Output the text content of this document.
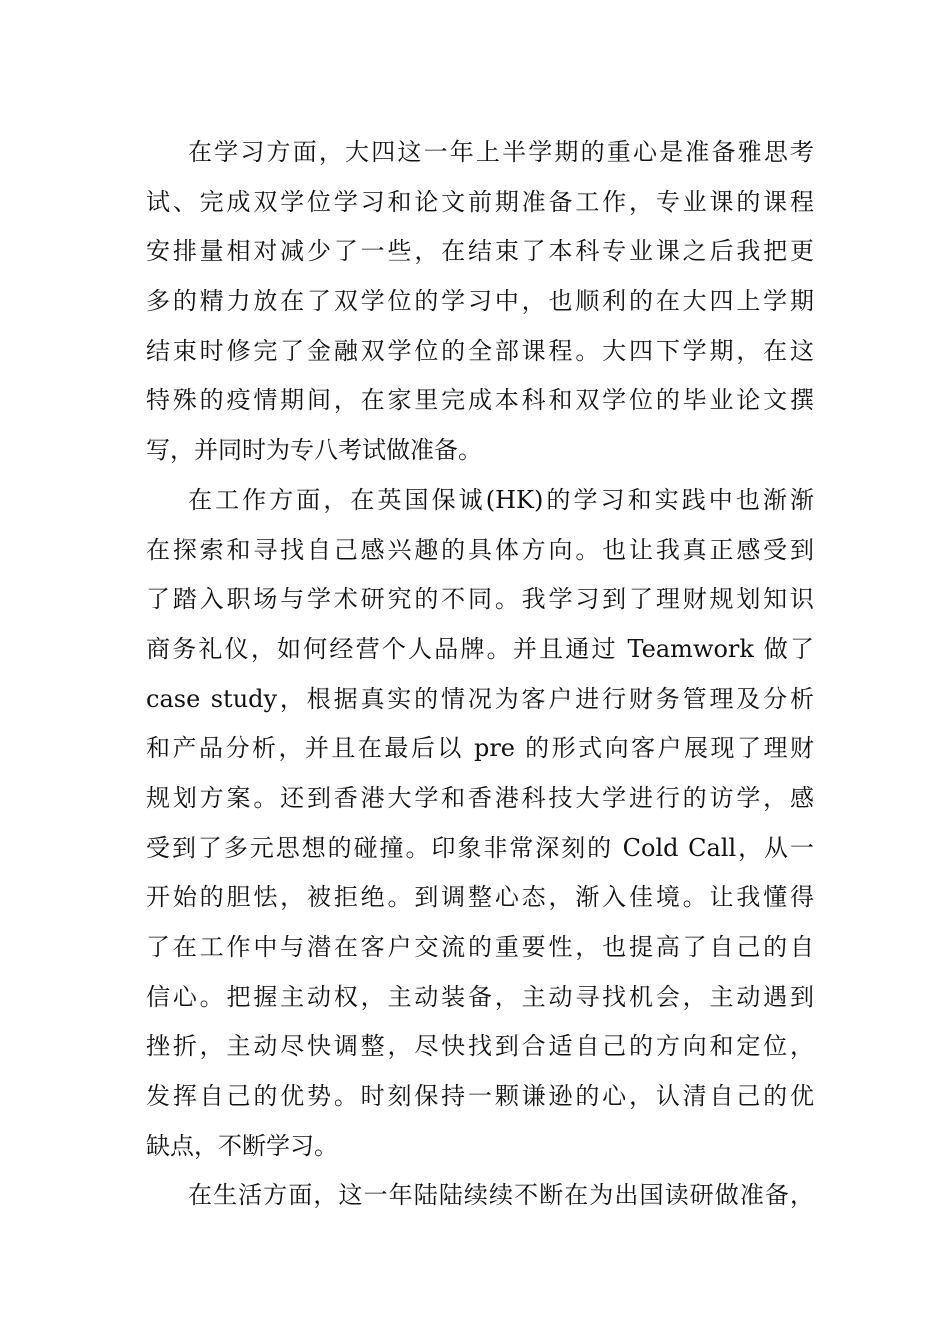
在学习方面，大四这一年上半学期的重心是准备雅思考
试、完成双学位学习和论文前期准备工作，专业课的课程
安排量相对减少了一些，在结束了本科专业课之后我把更
多的精力放在了双学位的学习中，也顺利的在大四上学期
结束时修完了金融双学位的全部课程。大四下学期，在这
特殊的疫情期间，在家里完成本科和双学位的毕业论文撰
写，并同时为专八考试做准备。
在工作方面，在英国保诚(HK)的学习和实践中也渐渐
在探索和寻找自己感兴趣的具体方向。也让我真正感受到
了踏入职场与学术研究的不同。我学习到了理财规划知识
商务礼仪，如何经营个人品牌。并且通过 Teamwork 做了
case study，根据真实的情况为客户进行财务管理及分析
和产品分析，并且在最后以 pre 的形式向客户展现了理财
规划方案。还到香港大学和香港科技大学进行的访学，感
受到了多元思想的碰撞。印象非常深刻的 Cold Call，从一
开始的胆怯，被拒绝。到调整心态，渐入佳境。让我懂得
了在工作中与潜在客户交流的重要性，也提高了自己的自
信心。把握主动权，主动装备，主动寻找机会，主动遇到
挫折，主动尽快调整，尽快找到合适自己的方向和定位，
发挥自己的优势。时刻保持一颗谦逊的心，认清自己的优
缺点，不断学习。
在生活方面，这一年陆陆续续不断在为出国读研做准备，
